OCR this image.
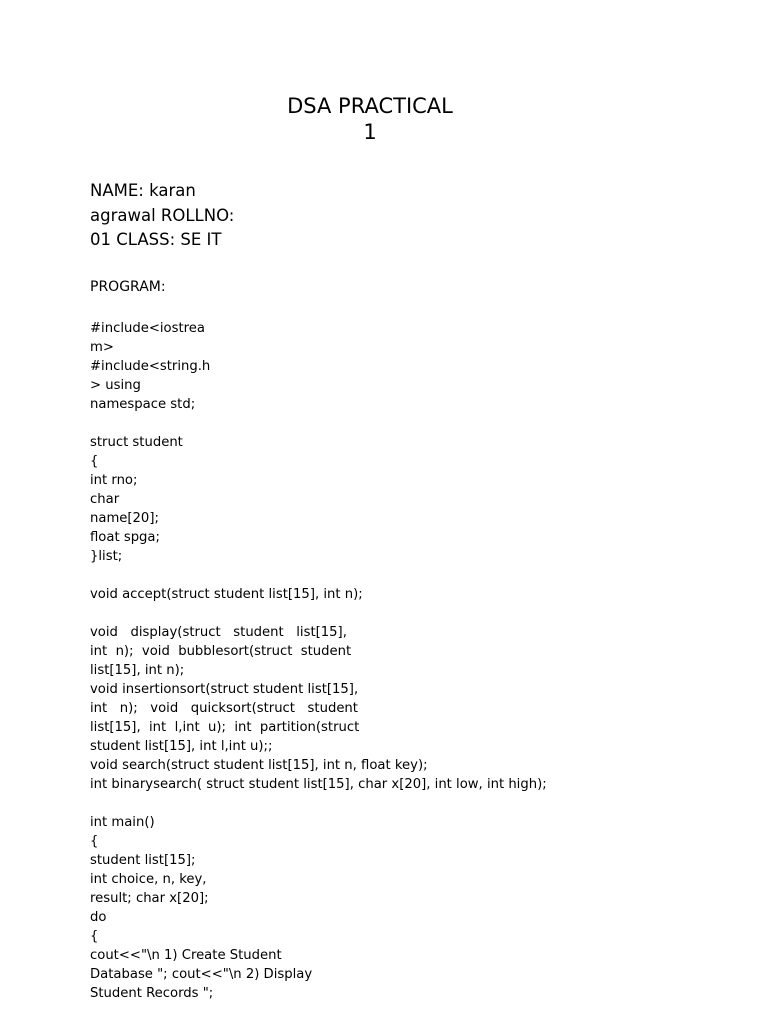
DSA PRACTICAL
1
NAME: karan
agrawal ROLLNO:
01 CLASS: SE IT
PROGRAM:
#include<iostrea
m>
#include<string.h
> using
namespace std;
struct student
{
int rno;
char
name[20];
float spga;
}list;
void accept(struct student list[15], int n);
void   display(struct   student   list[15],
int  n);  void  bubblesort(struct  student
list[15], int n);
void insertionsort(struct student list[15],
int   n);   void   quicksort(struct   student
list[15],  int  l,int  u);  int  partition(struct
student list[15], int l,int u);;
void search(struct student list[15], int n, float key);
int binarysearch( struct student list[15], char x[20], int low, int high);
int main()
{
student list[15];
int choice, n, key,
result; char x[20];
do
{
cout<<"\n 1) Create Student
Database "; cout<<"\n 2) Display
Student Records ";
